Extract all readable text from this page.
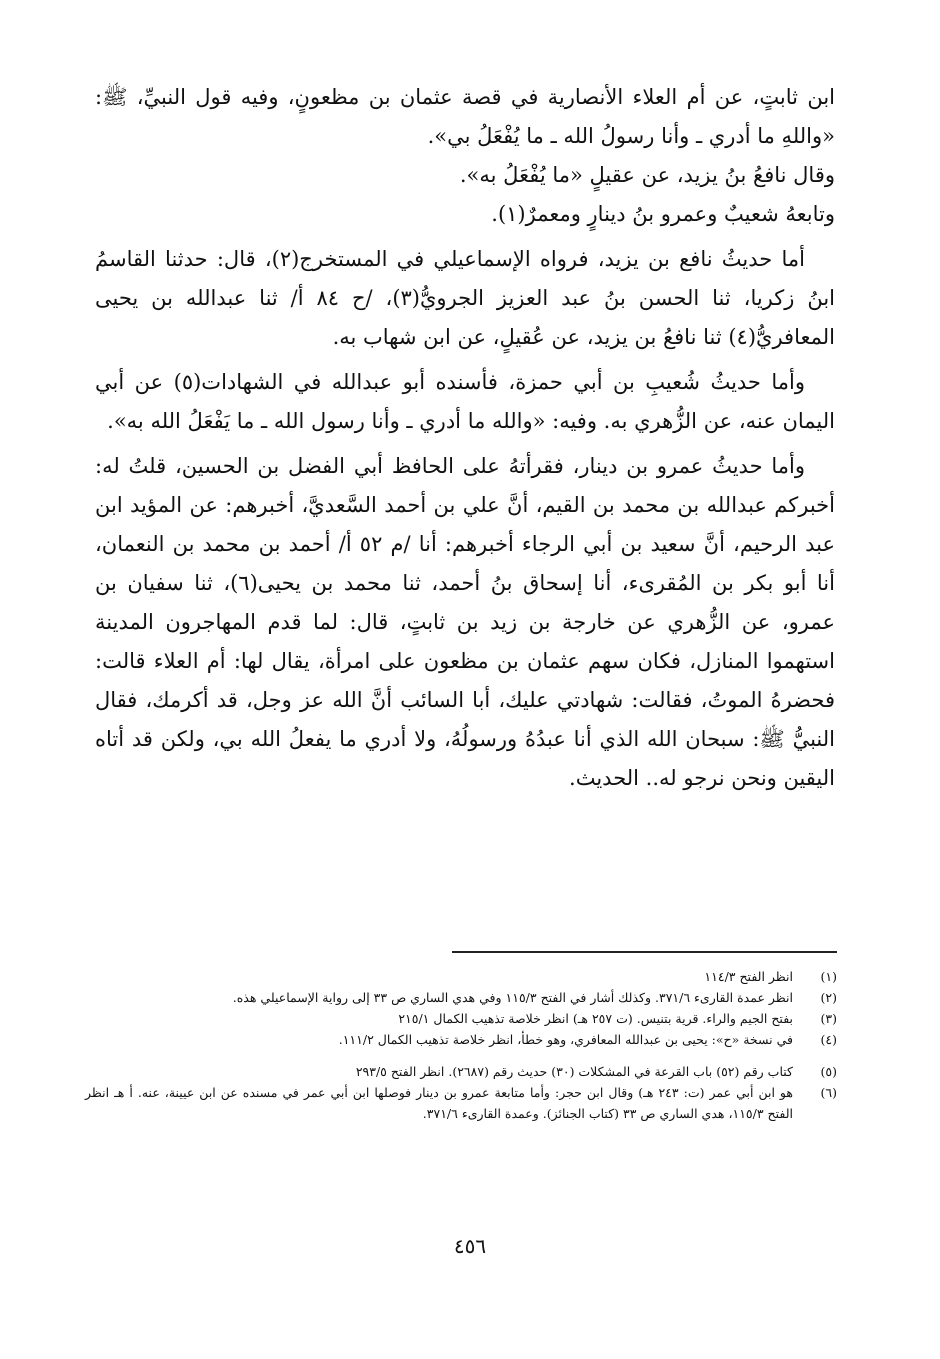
ابن ثابتٍ، عن أم العلاء الأنصارية في قصة عثمان بن مظعونٍ، وفيه قول النبيِّ، ﷺ: «واللهِ ما أدري ـ وأنا رسولُ الله ـ ما يُفْعَلُ بي».

وقال نافعُ بنُ يزيد، عن عقيلٍ «ما يُفْعَلُ به».

وتابعهُ شعيبٌ وعمرو بنُ دينارٍ ومعمرٌ(١).

أما حديثُ نافع بن يزيد، فرواه الإسماعيلي في المستخرج(٢)، قال: حدثنا القاسمُ ابنُ زكريا، ثنا الحسن بنُ عبد العزيز الجرويُّ(٣)، /ح ٨٤ أ/ ثنا عبدالله بن يحيى المعافريُّ(٤) ثنا نافعُ بن يزيد، عن عُقيلٍ، عن ابن شهاب به.

وأما حديثُ شُعيبِ بن أبي حمزة، فأسنده أبو عبدالله في الشهادات(٥) عن أبي اليمان عنه، عن الزُّهري به. وفيه: «والله ما أدري ـ وأنا رسول الله ـ ما يَفْعَلُ الله به».

وأما حديثُ عمرو بن دينار، فقرأتهُ على الحافظ أبي الفضل بن الحسين، قلتُ له: أخبركم عبدالله بن محمد بن القيم، أنَّ علي بن أحمد السَّعديَّ، أخبرهم: عن المؤيد ابن عبد الرحيم، أنَّ سعيد بن أبي الرجاء أخبرهم: أنا /م ٥٢ أ/ أحمد بن محمد بن النعمان، أنا أبو بكر بن المُقرىء، أنا إسحاق بنُ أحمد، ثنا محمد بن يحيى(٦)، ثنا سفيان بن عمرو، عن الزُّهري عن خارجة بن زيد بن ثابتٍ، قال: لما قدم المهاجرون المدينة استهموا المنازل، فكان سهم عثمان بن مظعون على امرأة، يقال لها: أم العلاء قالت: فحضرهُ الموتُ، فقالت: شهادتي عليك، أبا السائب أنَّ الله عز وجل، قد أكرمك، فقال النبيُّ ﷺ: سبحان الله الذي أنا عبدُهُ ورسولُهُ، ولا أدري ما يفعلُ الله بي، ولكن قد أتاه اليقين ونحن نرجو له.. الحديث.

(١)
انظر الفتح ١١٤/٣
(٢)
انظر عمدة القارىء ٣٧١/٦. وكذلك أشار في الفتح ١١٥/٣ وفي هدي الساري ص ٣٣ إلى رواية الإسماعيلي هذه.
(٣)
بفتح الجيم والراء. قرية بتنيس. (ت ٢٥٧ هـ) انظر خلاصة تذهيب الكمال ٢١٥/١
(٤)
في نسخة «ح»: يحيى بن عبدالله المعافري، وهو خطأ، انظر خلاصة تذهيب الكمال ١١١/٢.
(٥)
كتاب رقم (٥٢) باب القرعة في المشكلات (٣٠) حديث رقم (٢٦٨٧). انظر الفتح ٢٩٣/٥
(٦)
هو ابن أبي عمر (ت: ٢٤٣ هـ) وقال ابن حجر: وأما متابعة عمرو بن دينار فوصلها ابن أبي عمر في مسنده عن ابن عيينة، عنه. أ هـ انظر الفتح ١١٥/٣، هدي الساري ص ٣٣ (كتاب الجنائز). وعمدة القارىء ٣٧١/٦.
٤٥٦
